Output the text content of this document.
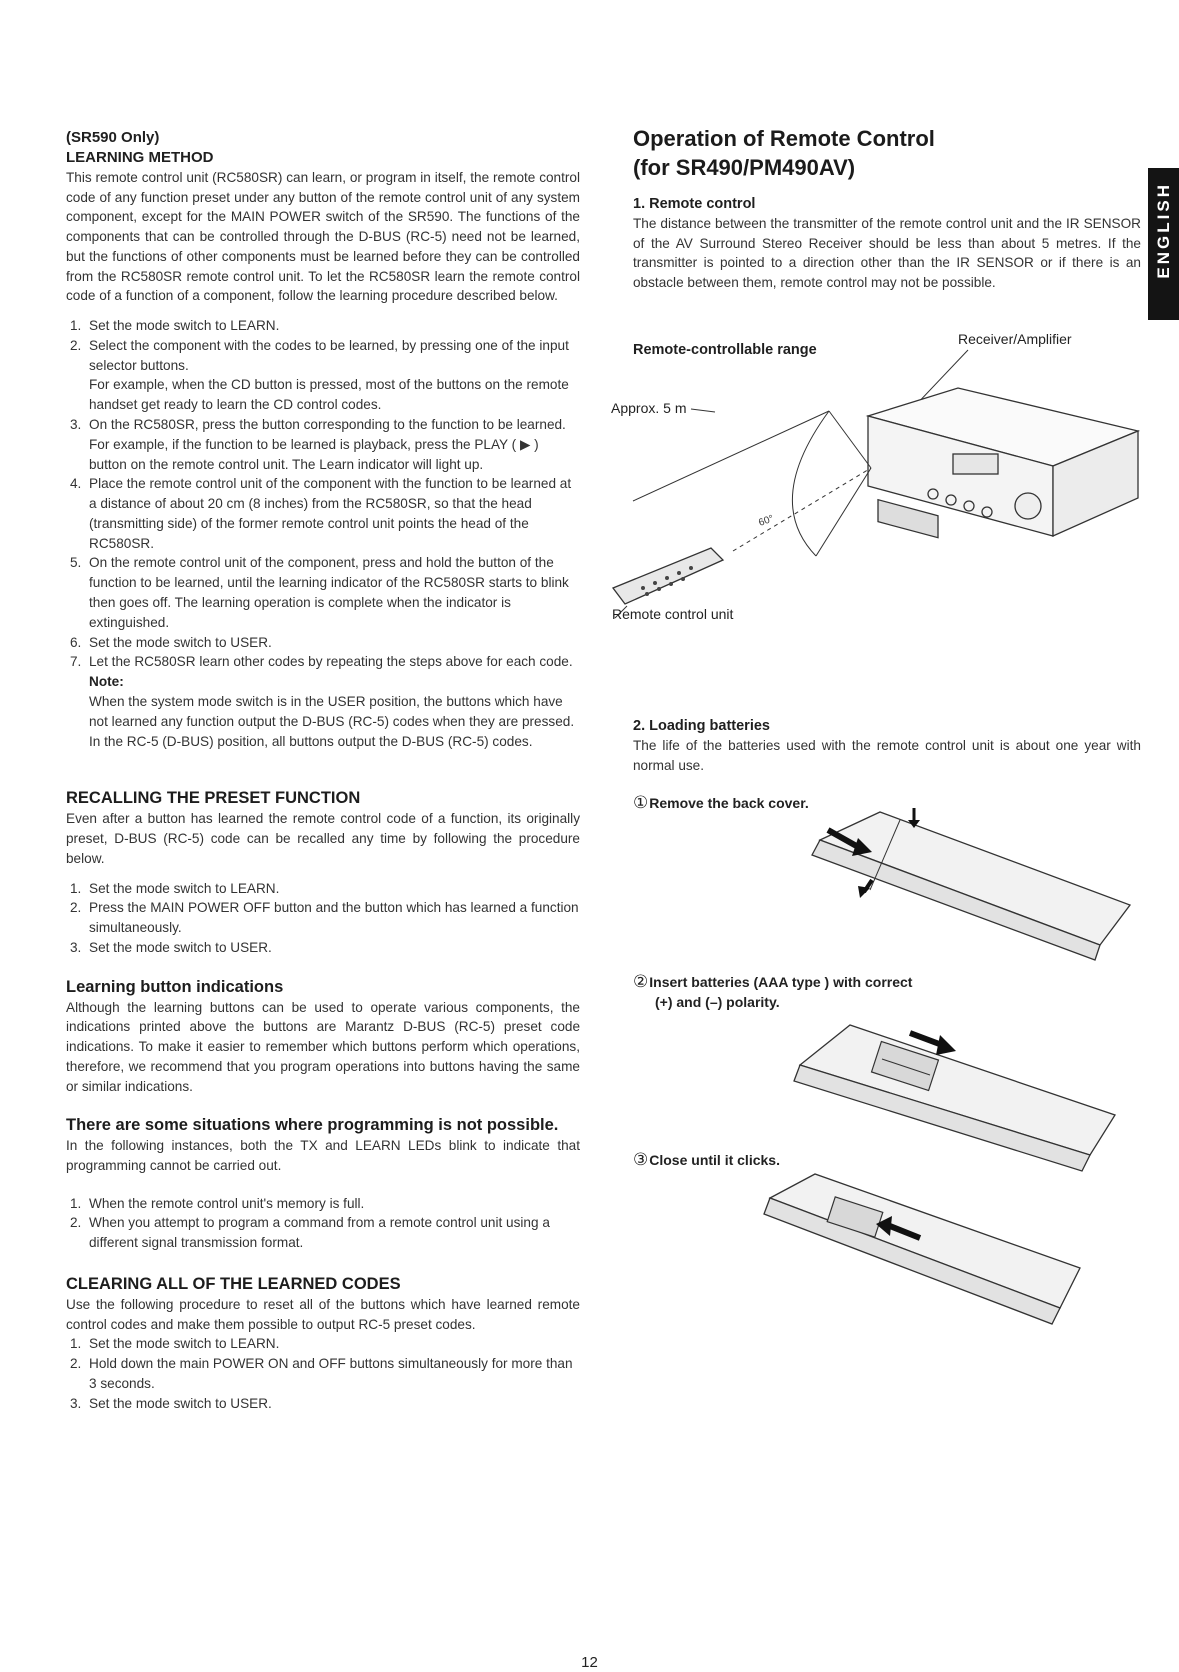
(SR590 Only)
LEARNING METHOD

This remote control unit (RC580SR) can learn, or program in itself, the remote control code of any function preset under any button of the remote control unit of any system component, except for the MAIN POWER switch of the SR590. The functions of the components that can be controlled through the D-BUS (RC-5) need not be learned, but the functions of other components must be learned before they can be controlled from the RC580SR remote control unit. To let the RC580SR learn the remote control code of a function of a component, follow the learning procedure described below.

1. Set the mode switch to LEARN.
2. Select the component with the codes to be learned, by pressing one of the input selector buttons.
For example, when the CD button is pressed, most of the buttons on the remote handset get ready to learn the CD control codes.
3. On the RC580SR, press the button corresponding to the function to be learned. For example, if the function to be learned is playback, press the PLAY ( ▶ ) button on the remote control unit. The Learn indicator will light up.
4. Place the remote control unit of the component with the function to be learned at a distance of about 20 cm (8 inches) from the RC580SR, so that the head (transmitting side) of the former remote control unit points the head of the RC580SR.
5. On the remote control unit of the component, press and hold the button of the function to be learned, until the learning indicator of the RC580SR starts to blink then goes off. The learning operation is complete when the indicator is extinguished.
6. Set the mode switch to USER.
7. Let the RC580SR learn other codes by repeating the steps above for each code.
Note:
When the system mode switch is in the USER position, the buttons which have not learned any function output the D-BUS (RC-5) codes when they are pressed. In the RC-5 (D-BUS) position, all buttons output the D-BUS (RC-5) codes.
RECALLING THE PRESET FUNCTION

Even after a button has learned the remote control code of a function, its originally preset, D-BUS (RC-5) code can be recalled any time by following the procedure below.

1. Set the mode switch to LEARN.
2. Press the MAIN POWER OFF button and the button which has learned a function simultaneously.
3. Set the mode switch to USER.
Learning button indications

Although the learning buttons can be used to operate various components, the indications printed above the buttons are Marantz D-BUS (RC-5) preset code indications. To make it easier to remember which buttons perform which operations, therefore, we recommend that you program operations into buttons having the same or similar indications.

There are some situations where programming is not possible.

In the following instances, both the TX and LEARN LEDs blink to indicate that programming cannot be carried out.

1. When the remote control unit's memory is full.
2. When you attempt to program a command from a remote control unit using a different signal transmission format.
CLEARING ALL OF THE LEARNED CODES

Use the following procedure to reset all of the buttons which have learned remote control codes and make them possible to output RC-5 preset codes.

1. Set the mode switch to LEARN.
2. Hold down the main POWER ON and OFF buttons simultaneously for more than 3 seconds.
3. Set the mode switch to USER.
Operation of Remote Control
(for SR490/PM490AV)
1. Remote control

The distance between the transmitter of the remote control unit and the IR SENSOR of the AV Surround Stereo Receiver should be less than about 5 metres. If the transmitter is pointed to a direction other than the IR SENSOR or if there is an obstacle between them, remote control may not be possible.

Remote-controllable range
Receiver/Amplifier
60°
Approx. 5 m
Remote control unit
2. Loading batteries

The life of the batteries used with the remote control unit is about one year with normal use.

①Remove the back cover.
②Insert batteries (AAA type ) with correct
(+) and (–) polarity.
③Close until it clicks.
ENGLISH
12
